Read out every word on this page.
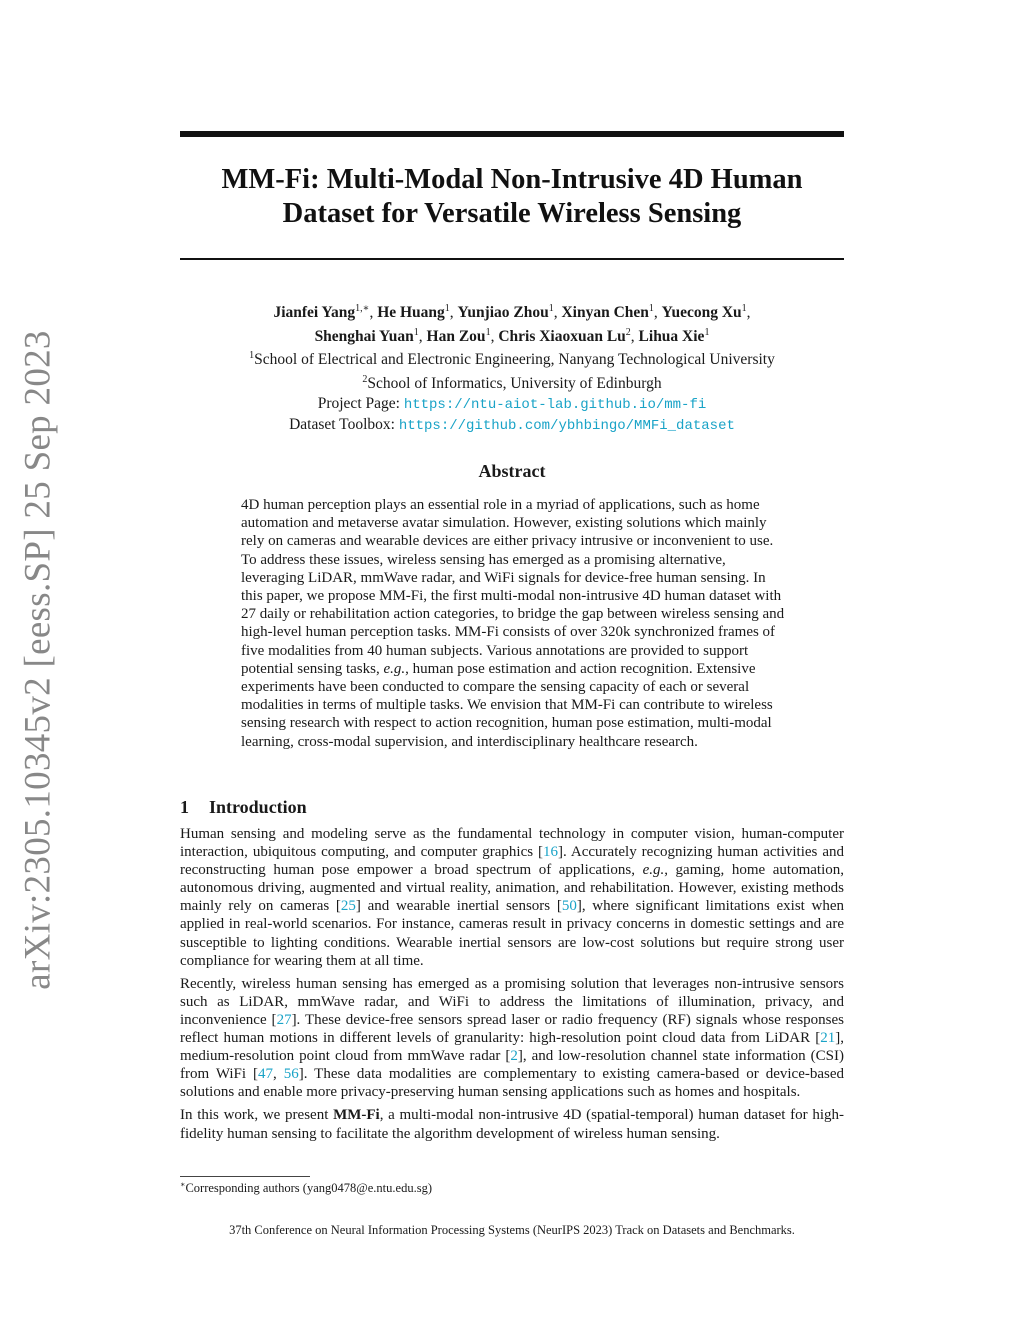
arXiv:2305.10345v2 [eess.SP] 25 Sep 2023
MM-Fi: Multi-Modal Non-Intrusive 4D Human
Dataset for Versatile Wireless Sensing
Jianfei Yang$^{1,∗}$, He Huang$^1$, Yunjiao Zhou$^1$, Xinyan Chen$^1$, Yuecong Xu$^1$,
Shenghai Yuan$^1$, Han Zou$^1$, Chris Xiaoxuan Lu$^2$, Lihua Xie$^1$
$^1$School of Electrical and Electronic Engineering, Nanyang Technological University
$^2$School of Informatics, University of Edinburgh
Project Page: https://ntu-aiot-lab.github.io/mm-fi
Dataset Toolbox: https://github.com/ybhbingo/MMFi_dataset
Abstract
4D human perception plays an essential role in a myriad of applications, such as home automation and metaverse avatar simulation. However, existing solutions which mainly rely on cameras and wearable devices are either privacy intrusive or inconvenient to use. To address these issues, wireless sensing has emerged as a promising alternative, leveraging LiDAR, mmWave radar, and WiFi signals for device-free human sensing. In this paper, we propose MM-Fi, the first multi-modal non-intrusive 4D human dataset with 27 daily or rehabilitation action categories, to bridge the gap between wireless sensing and high-level human perception tasks. MM-Fi consists of over 320k synchronized frames of five modalities from 40 human subjects. Various annotations are provided to support potential sensing tasks, e.g., human pose estimation and action recognition. Extensive experiments have been conducted to compare the sensing capacity of each or several modalities in terms of multiple tasks. We envision that MM-Fi can contribute to wireless sensing research with respect to action recognition, human pose estimation, multi-modal learning, cross-modal supervision, and interdisciplinary healthcare research.
1 Introduction

Human sensing and modeling serve as the fundamental technology in computer vision, human-computer interaction, ubiquitous computing, and computer graphics [16]. Accurately recognizing human activities and reconstructing human pose empower a broad spectrum of applications, e.g., gaming, home automation, autonomous driving, augmented and virtual reality, animation, and rehabilitation. However, existing methods mainly rely on cameras [25] and wearable inertial sensors [50], where significant limitations exist when applied in real-world scenarios. For instance, cameras result in privacy concerns in domestic settings and are susceptible to lighting conditions. Wearable inertial sensors are low-cost solutions but require strong user compliance for wearing them at all time.

Recently, wireless human sensing has emerged as a promising solution that leverages non-intrusive sensors such as LiDAR, mmWave radar, and WiFi to address the limitations of illumination, privacy, and inconvenience [27]. These device-free sensors spread laser or radio frequency (RF) signals whose responses reflect human motions in different levels of granularity: high-resolution point cloud data from LiDAR [21], medium-resolution point cloud from mmWave radar [2], and low-resolution channel state information (CSI) from WiFi [47, 56]. These data modalities are complementary to existing camera-based or device-based solutions and enable more privacy-preserving human sensing applications such as homes and hospitals.

In this work, we present MM-Fi, a multi-modal non-intrusive 4D (spatial-temporal) human dataset for high-fidelity human sensing to facilitate the algorithm development of wireless human sensing.

∗Corresponding authors (yang0478@e.ntu.edu.sg)
37th Conference on Neural Information Processing Systems (NeurIPS 2023) Track on Datasets and Benchmarks.
